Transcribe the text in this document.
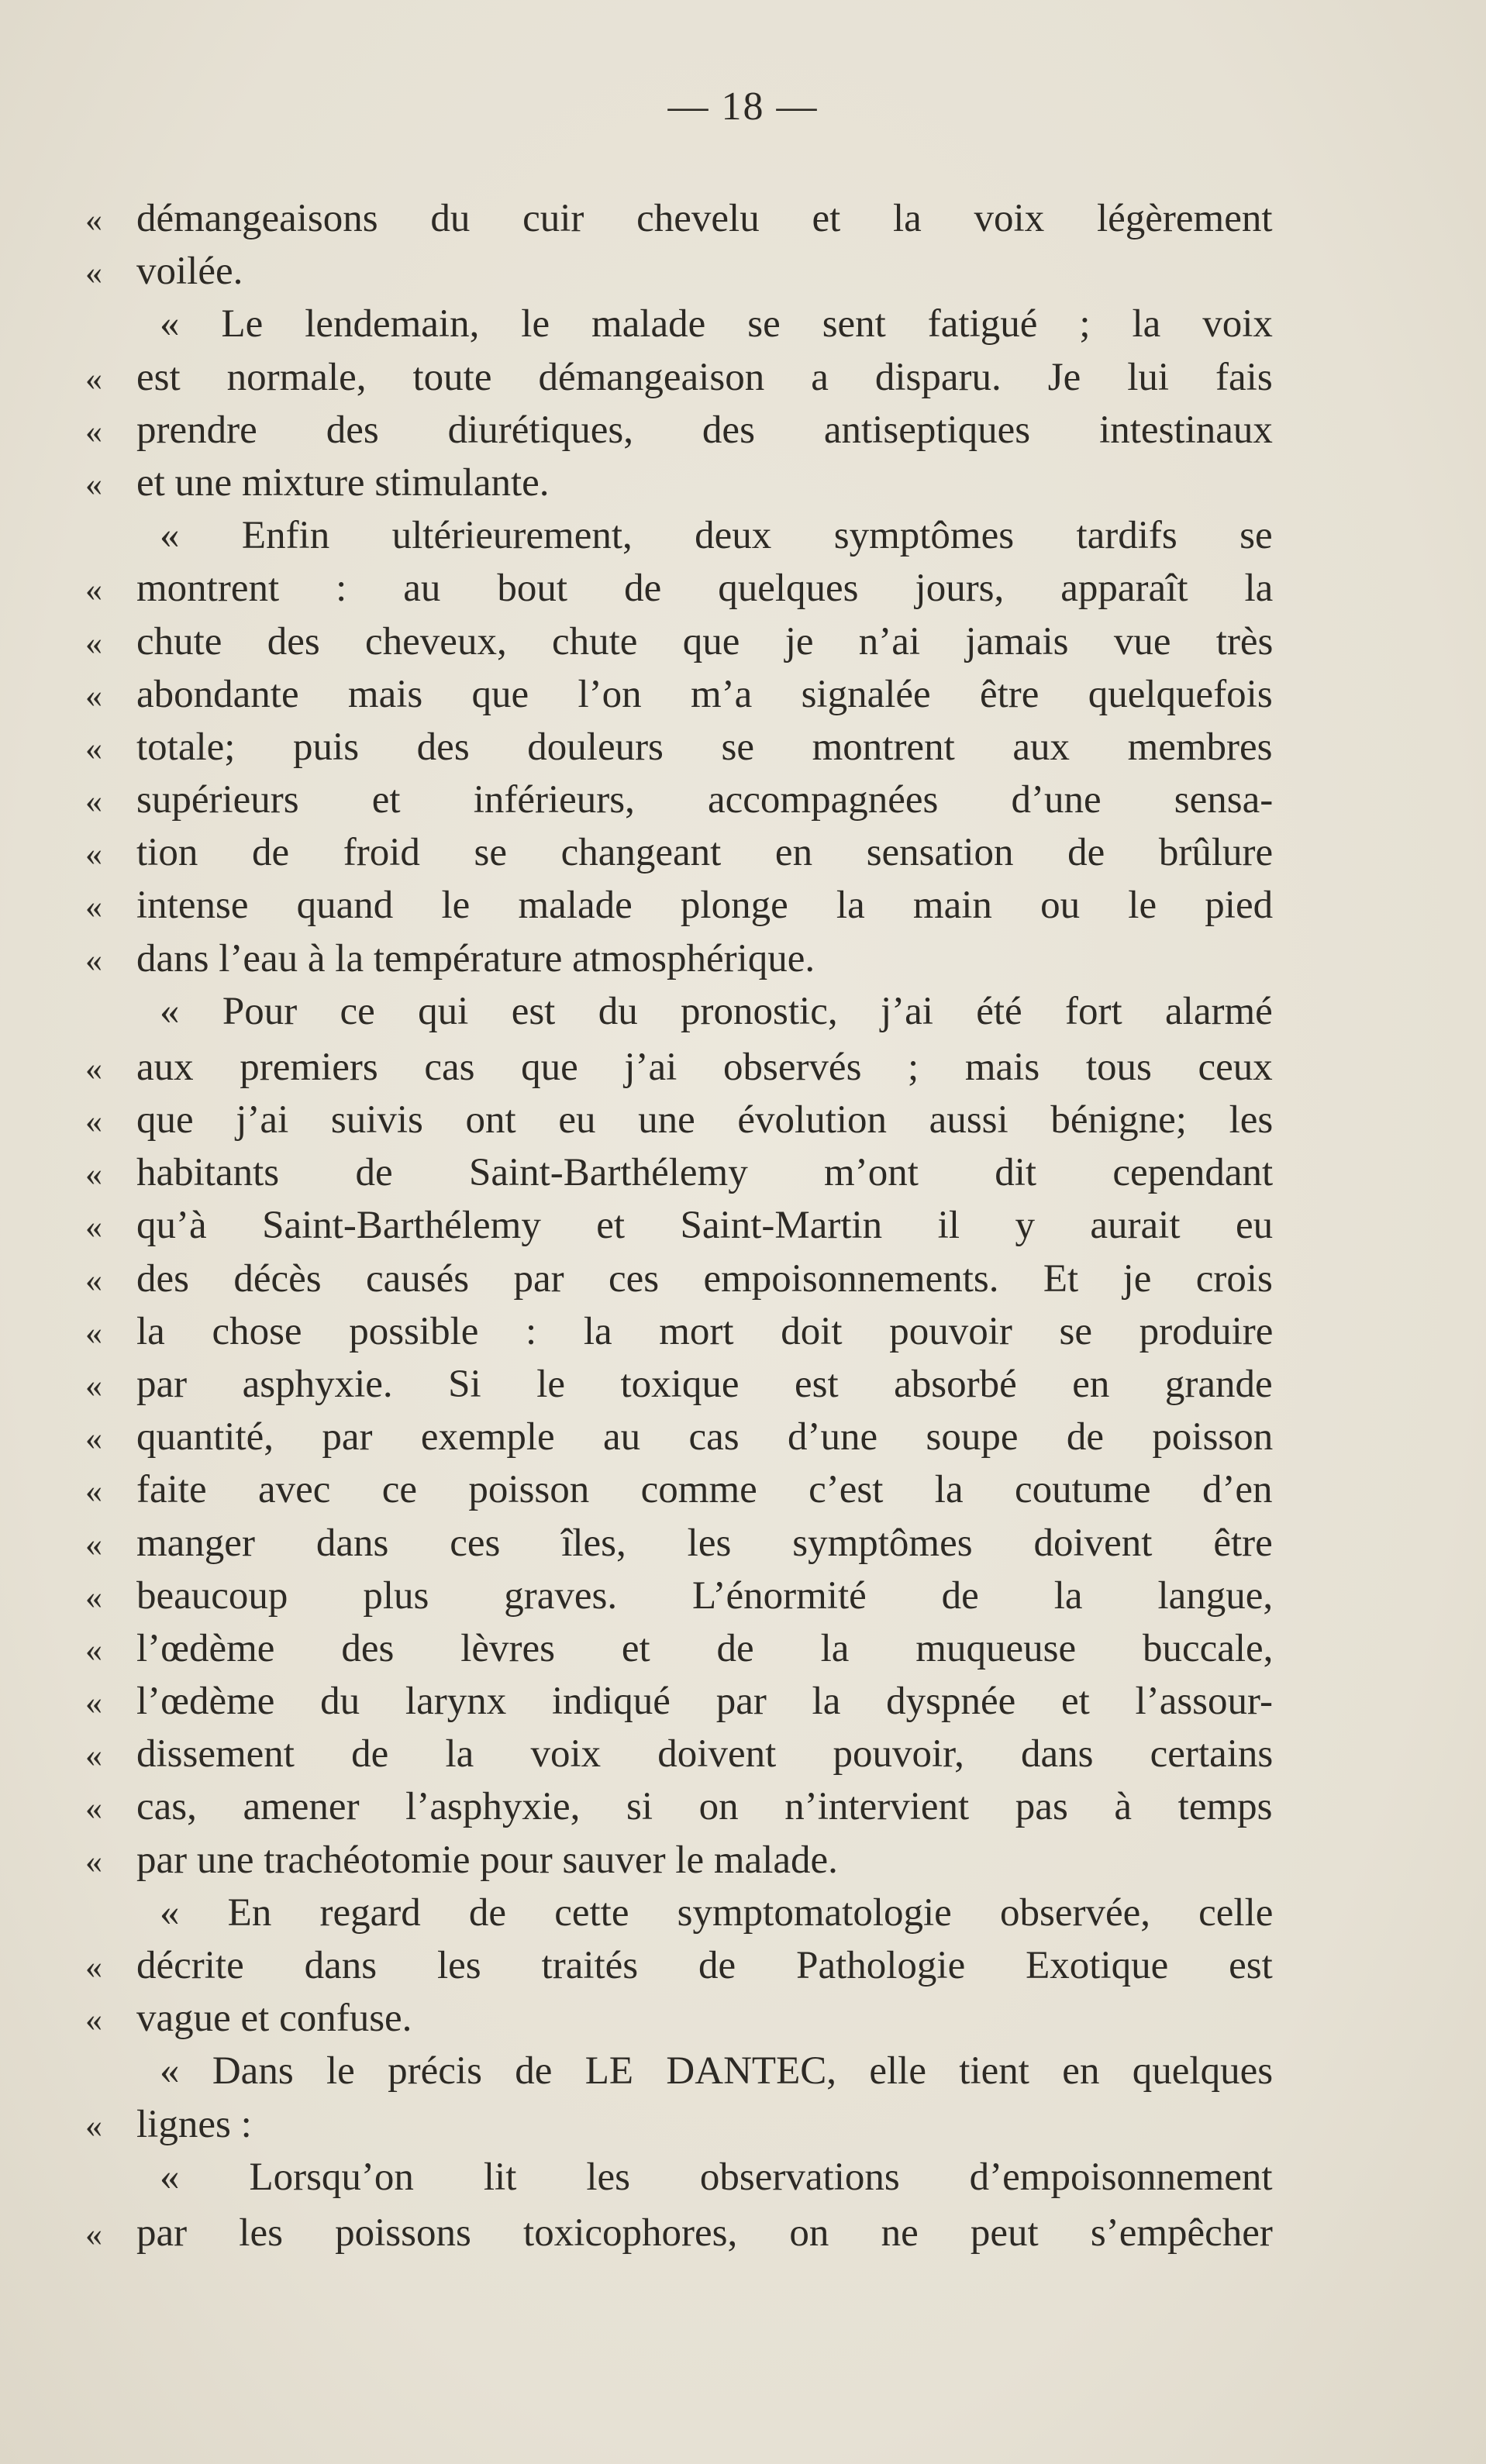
— 18 —
« démangeaisons du cuir chevelu et la voix légèrement
« voilée.
« Le lendemain, le malade se sent fatigué ; la voix
« est normale, toute démangeaison a disparu. Je lui fais
« prendre des diurétiques, des antiseptiques intestinaux
« et une mixture stimulante.
« Enfin ultérieurement, deux symptômes tardifs se
« montrent : au bout de quelques jours, apparaît la
« chute des cheveux, chute que je n’ai jamais vue très
« abondante mais que l’on m’a signalée être quelquefois
« totale; puis des douleurs se montrent aux membres
« supérieurs et inférieurs, accompagnées d’une sensa-
« tion de froid se changeant en sensation de brûlure
« intense quand le malade plonge la main ou le pied
« dans l’eau à la température atmosphérique.
« Pour ce qui est du pronostic, j’ai été fort alarmé
« aux premiers cas que j’ai observés ; mais tous ceux
« que j’ai suivis ont eu une évolution aussi bénigne; les
« habitants de Saint-Barthélemy m’ont dit cependant
« qu’à Saint-Barthélemy et Saint-Martin il y aurait eu
« des décès causés par ces empoisonnements. Et je crois
« la chose possible : la mort doit pouvoir se produire
« par asphyxie. Si le toxique est absorbé en grande
« quantité, par exemple au cas d’une soupe de poisson
« faite avec ce poisson comme c’est la coutume d’en
« manger dans ces îles, les symptômes doivent être
« beaucoup plus graves. L’énormité de la langue,
« l’œdème des lèvres et de la muqueuse buccale,
« l’œdème du larynx indiqué par la dyspnée et l’assour-
« dissement de la voix doivent pouvoir, dans certains
« cas, amener l’asphyxie, si on n’intervient pas à temps
« par une trachéotomie pour sauver le malade.
« En regard de cette symptomatologie observée, celle
« décrite dans les traités de Pathologie Exotique est
« vague et confuse.
« Dans le précis de LE DANTEC, elle tient en quelques
« lignes :
« Lorsqu’on lit les observations d’empoisonnement
« par les poissons toxicophores, on ne peut s’empêcher
